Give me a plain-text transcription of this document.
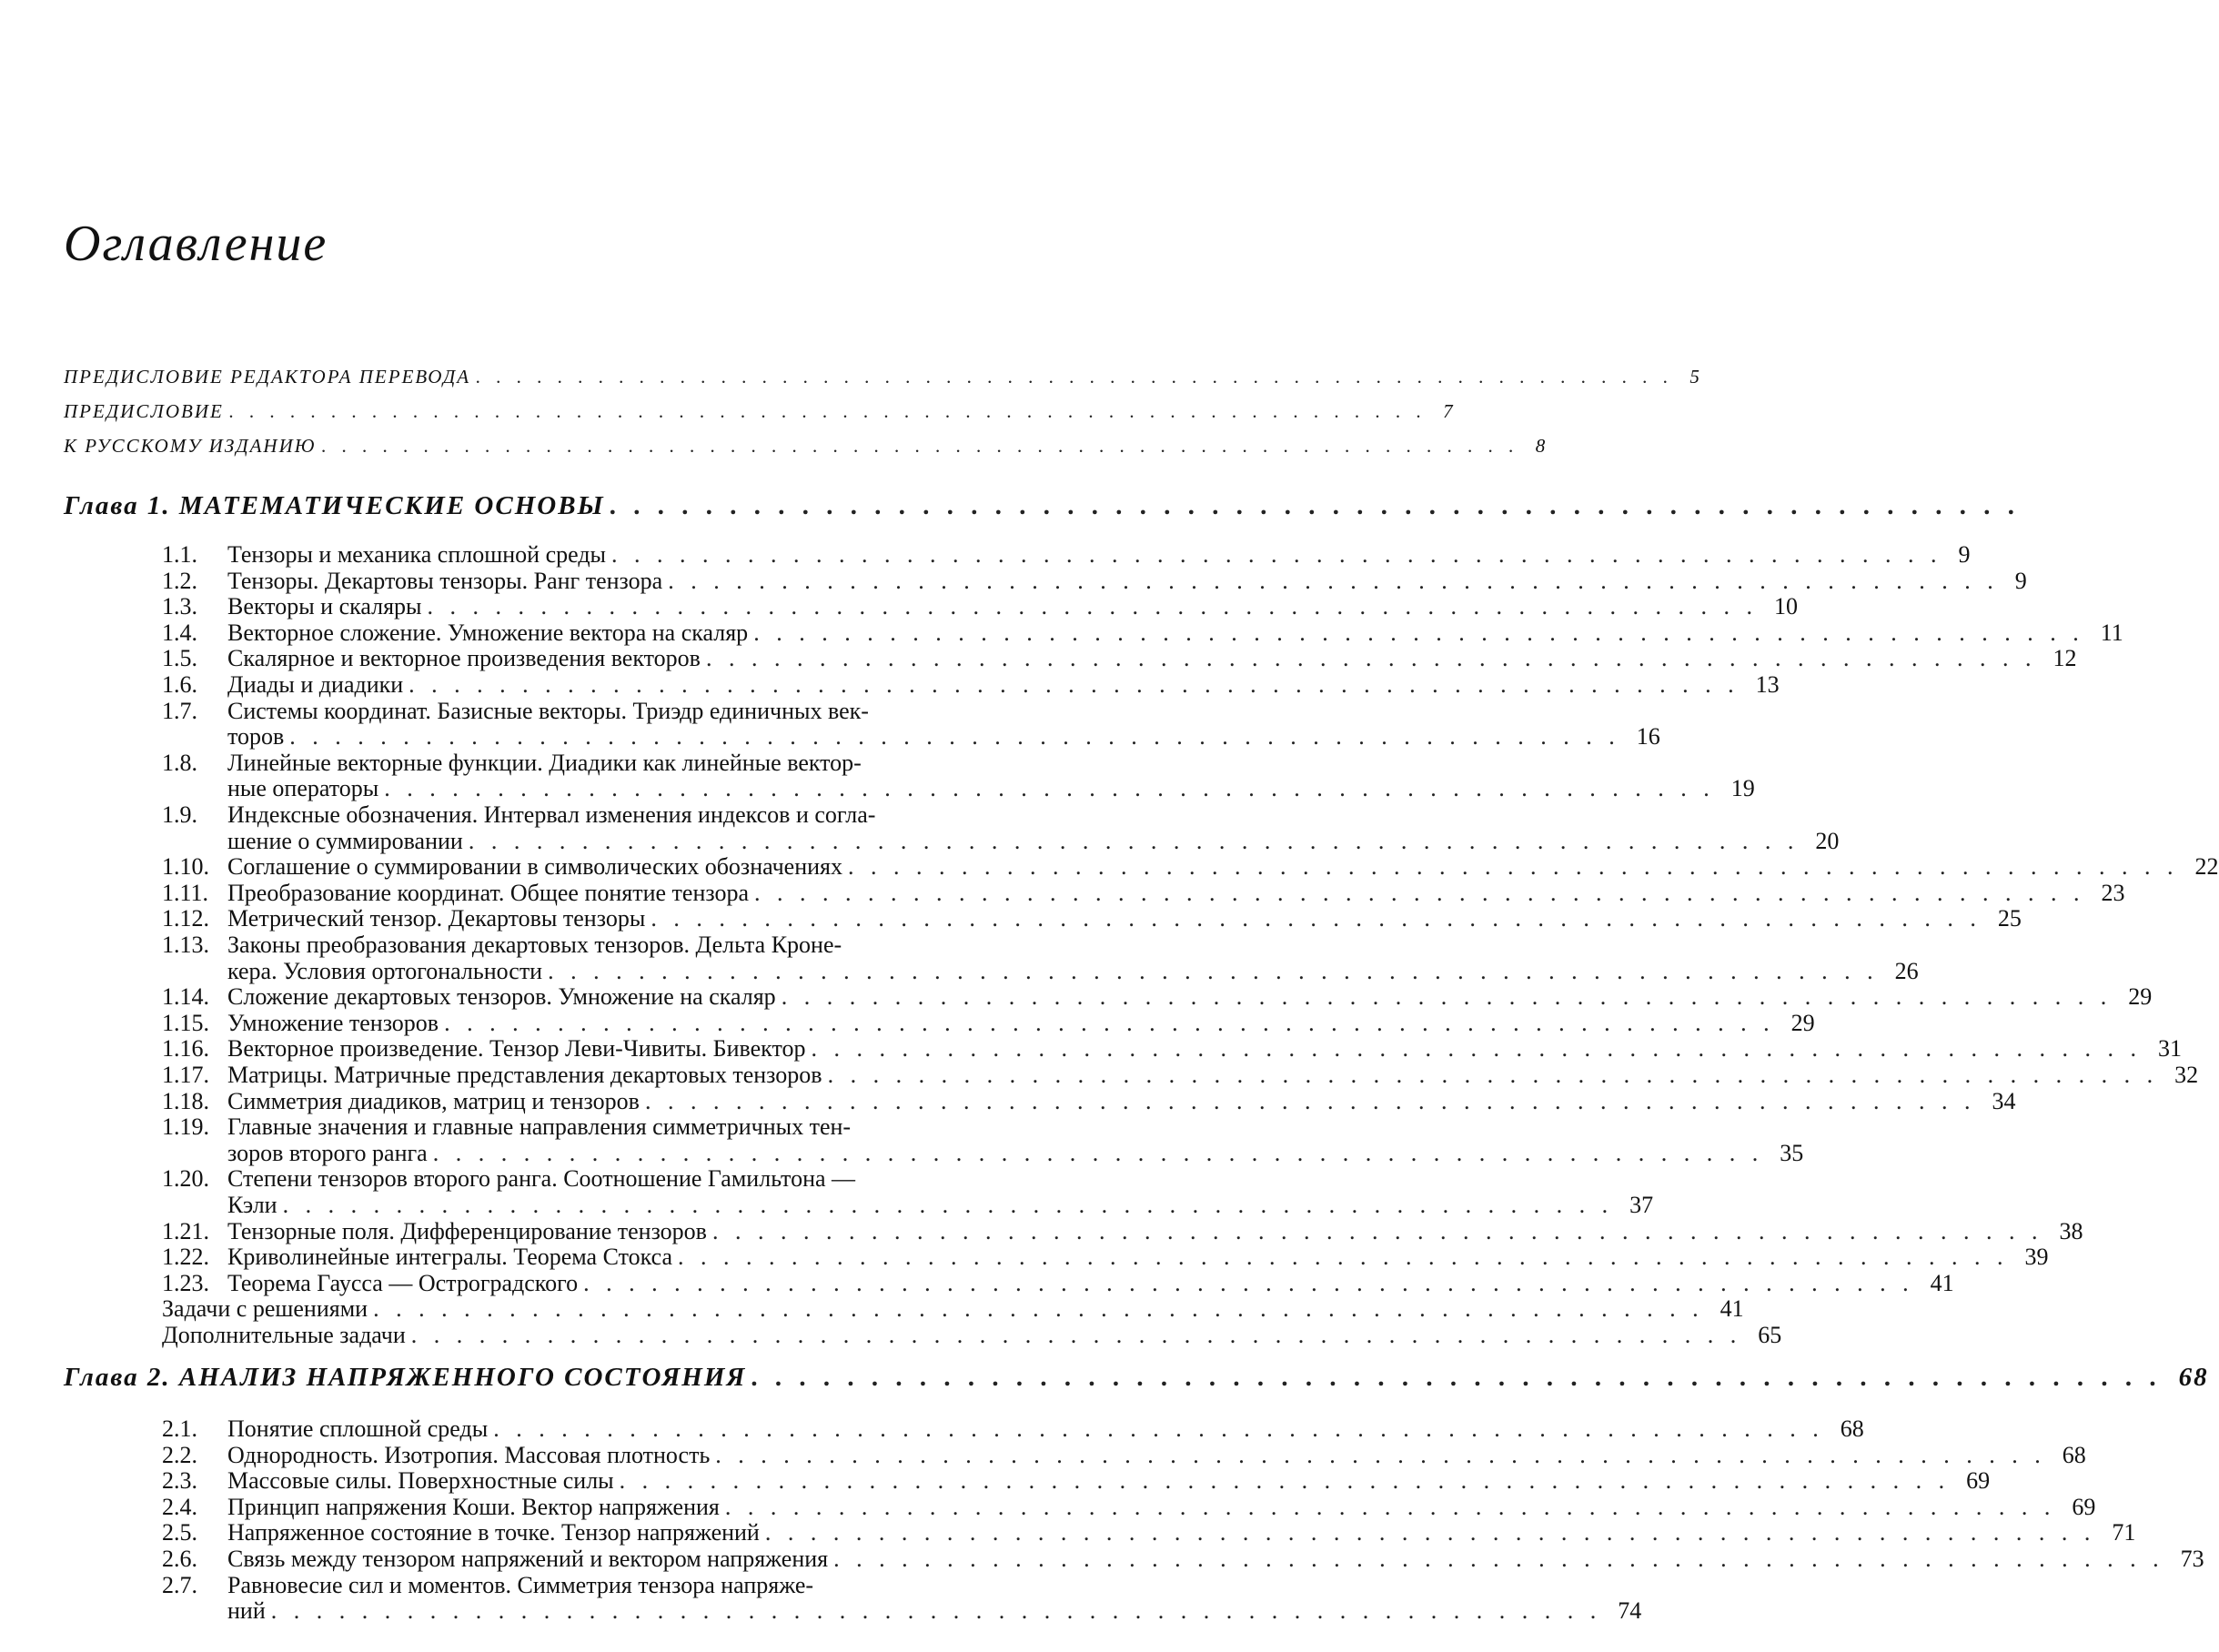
Оглавление
ПРЕДИСЛОВИЕ РЕДАКТОРА ПЕРЕВОДА . . . . . . . . . . . . . . . . . . . . . . . . . . . . . . . . . . . . . . . . . . . . . . . . . . . . . . . . . . . 5
ПРЕДИСЛОВИЕ . . . . . . . . . . . . . . . . . . . . . . . . . . . . . . . . . . . . . . . . . . . . . . . . . . . . . . . . . . . 7
К РУССКОМУ ИЗДАНИЮ . . . . . . . . . . . . . . . . . . . . . . . . . . . . . . . . . . . . . . . . . . . . . . . . . . . . . . . . . . . 8
Глава 1. МАТЕМАТИЧЕСКИЕ ОСНОВЫ . . . . . . . . . . . . . . . . . . . . . . . . . . . . . . . . . . . . . . . . . . . . . . . . . . . . . . . . . . .
1.1.	Тензоры и механика сплошной среды . . . . . . . . . . . . . . . . . . . . . . . . . . . . . . . . . . . . . . . . . . . . . . . . . . . . . . . . . . . 9
1.2.	Тензоры. Декартовы тензоры. Ранг тензора . . . . . . . . . . . . . . . . . . . . . . . . . . . . . . . . . . . . . . . . . . . . . . . . . . . . . . . . . . . 9
1.3.	Векторы и скаляры . . . . . . . . . . . . . . . . . . . . . . . . . . . . . . . . . . . . . . . . . . . . . . . . . . . . . . . . . . . 10
1.4.	Векторное сложение. Умножение вектора на скаляр . . . . . . . . . . . . . . . . . . . . . . . . . . . . . . . . . . . . . . . . . . . . . . . . . . . . . . . . . . . 11
1.5.	Скалярное и векторное произведения векторов . . . . . . . . . . . . . . . . . . . . . . . . . . . . . . . . . . . . . . . . . . . . . . . . . . . . . . . . . . . 12
1.6.	Диады и диадики . . . . . . . . . . . . . . . . . . . . . . . . . . . . . . . . . . . . . . . . . . . . . . . . . . . . . . . . . . . 13
1.7.	Системы координат. Базисные векторы. Триэдр единичных век-
торов . . . . . . . . . . . . . . . . . . . . . . . . . . . . . . . . . . . . . . . . . . . . . . . . . . . . . . . . . . . 16
1.8.	Линейные векторные функции. Диадики как линейные вектор-
ные операторы . . . . . . . . . . . . . . . . . . . . . . . . . . . . . . . . . . . . . . . . . . . . . . . . . . . . . . . . . . . 19
1.9.	Индексные обозначения. Интервал изменения индексов и согла-
шение о суммировании . . . . . . . . . . . . . . . . . . . . . . . . . . . . . . . . . . . . . . . . . . . . . . . . . . . . . . . . . . . 20
1.10. Соглашение о суммировании в символических обозначениях . . . . . . . . . . . . . . . . . . . . . . . . . . . . . . . . . . . . . . . . . . . . . . . . . . . . . . . . . . . 22
1.11. Преобразование координат. Общее понятие тензора . . . . . . . . . . . . . . . . . . . . . . . . . . . . . . . . . . . . . . . . . . . . . . . . . . . . . . . . . . . 23
1.12. Метрический тензор. Декартовы тензоры . . . . . . . . . . . . . . . . . . . . . . . . . . . . . . . . . . . . . . . . . . . . . . . . . . . . . . . . . . . 25
1.13. Законы преобразования декартовых тензоров. Дельта Кроне-
кера. Условия ортогональности . . . . . . . . . . . . . . . . . . . . . . . . . . . . . . . . . . . . . . . . . . . . . . . . . . . . . . . . . . . 26
1.14. Сложение декартовых тензоров. Умножение на скаляр . . . . . . . . . . . . . . . . . . . . . . . . . . . . . . . . . . . . . . . . . . . . . . . . . . . . . . . . . . . 29
1.15. Умножение тензоров . . . . . . . . . . . . . . . . . . . . . . . . . . . . . . . . . . . . . . . . . . . . . . . . . . . . . . . . . . . 29
1.16. Векторное произведение. Тензор Леви-Чивиты. Бивектор . . . . . . . . . . . . . . . . . . . . . . . . . . . . . . . . . . . . . . . . . . . . . . . . . . . . . . . . . . . 31
1.17. Матрицы. Матричные представления декартовых тензоров . . . . . . . . . . . . . . . . . . . . . . . . . . . . . . . . . . . . . . . . . . . . . . . . . . . . . . . . . . . 32
1.18. Симметрия диадиков, матриц и тензоров . . . . . . . . . . . . . . . . . . . . . . . . . . . . . . . . . . . . . . . . . . . . . . . . . . . . . . . . . . . 34
1.19. Главные значения и главные направления симметричных тен-
зоров второго ранга . . . . . . . . . . . . . . . . . . . . . . . . . . . . . . . . . . . . . . . . . . . . . . . . . . . . . . . . . . . 35
1.20. Степени тензоров второго ранга. Соотношение Гамильтона —
Кэли . . . . . . . . . . . . . . . . . . . . . . . . . . . . . . . . . . . . . . . . . . . . . . . . . . . . . . . . . . . 37
1.21. Тензорные поля. Дифференцирование тензоров . . . . . . . . . . . . . . . . . . . . . . . . . . . . . . . . . . . . . . . . . . . . . . . . . . . . . . . . . . . 38
1.22. Криволинейные интегралы. Теорема Стокса . . . . . . . . . . . . . . . . . . . . . . . . . . . . . . . . . . . . . . . . . . . . . . . . . . . . . . . . . . . 39
1.23. Теорема Гаусса — Остроградского . . . . . . . . . . . . . . . . . . . . . . . . . . . . . . . . . . . . . . . . . . . . . . . . . . . . . . . . . . . 41
Задачи с решениями . . . . . . . . . . . . . . . . . . . . . . . . . . . . . . . . . . . . . . . . . . . . . . . . . . . . . . . . . . . 41
Дополнительные задачи . . . . . . . . . . . . . . . . . . . . . . . . . . . . . . . . . . . . . . . . . . . . . . . . . . . . . . . . . . . 65
Глава 2. АНАЛИЗ НАПРЯЖЕННОГО СОСТОЯНИЯ . . . . . . . . . . . . . . . . . . . . . . . . . . . . . . . . . . . . . . . . . . . . . . . . . . . . . . . . . . . 68
2.1.	Понятие сплошной среды . . . . . . . . . . . . . . . . . . . . . . . . . . . . . . . . . . . . . . . . . . . . . . . . . . . . . . . . . . . 68
2.2.	Однородность. Изотропия. Массовая плотность . . . . . . . . . . . . . . . . . . . . . . . . . . . . . . . . . . . . . . . . . . . . . . . . . . . . . . . . . . . 68
2.3.	Массовые силы. Поверхностные силы . . . . . . . . . . . . . . . . . . . . . . . . . . . . . . . . . . . . . . . . . . . . . . . . . . . . . . . . . . . 69
2.4.	Принцип напряжения Коши. Вектор напряжения . . . . . . . . . . . . . . . . . . . . . . . . . . . . . . . . . . . . . . . . . . . . . . . . . . . . . . . . . . . 69
2.5.	Напряженное состояние в точке. Тензор напряжений . . . . . . . . . . . . . . . . . . . . . . . . . . . . . . . . . . . . . . . . . . . . . . . . . . . . . . . . . . . 71
2.6.	Связь между тензором напряжений и вектором напряжения . . . . . . . . . . . . . . . . . . . . . . . . . . . . . . . . . . . . . . . . . . . . . . . . . . . . . . . . . . . 73
2.7.	Равновесие сил и моментов. Симметрия тензора напряже-
ний . . . . . . . . . . . . . . . . . . . . . . . . . . . . . . . . . . . . . . . . . . . . . . . . . . . . . . . . . . . 74
